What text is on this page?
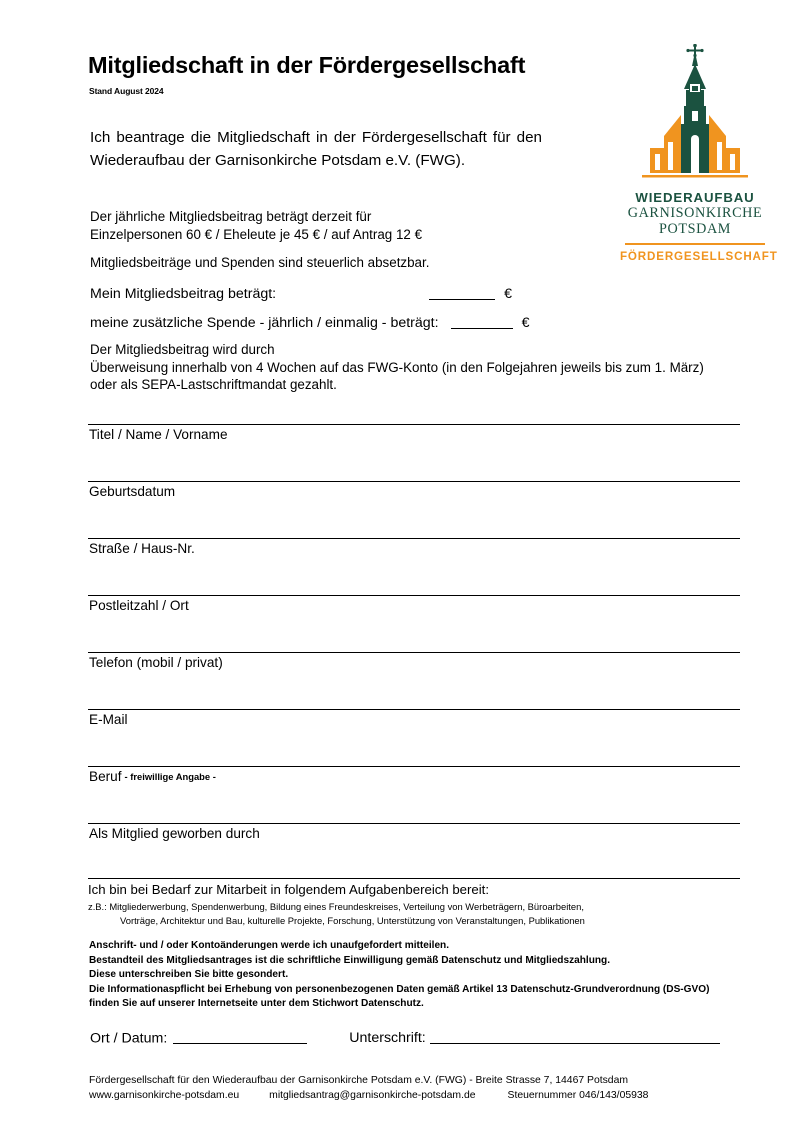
Mitgliedschaft in der Fördergesellschaft
Stand August 2024
WIEDERAUFBAU
GARNISONKIRCHE
POTSDAM
FÖRDERGESELLSCHAFT
Ich beantrage die Mitgliedschaft in der Fördergesellschaft für den Wiederaufbau der Garnisonkirche Potsdam e.V. (FWG).
Der jährliche Mitgliedsbeitrag beträgt derzeit für
Einzelpersonen 60 € / Eheleute je 45 € / auf Antrag 12 €
Mitgliedsbeiträge und Spenden sind steuerlich absetzbar.
Mein Mitgliedsbeitrag beträgt:	€
meine zusätzliche Spende - jährlich / einmalig - beträgt:	€
Der Mitgliedsbeitrag wird durch
Überweisung innerhalb von 4 Wochen auf das FWG-Konto (in den Folgejahren jeweils bis zum 1. März)
oder als SEPA-Lastschriftmandat gezahlt.
Titel / Name / Vorname
Geburtsdatum
Straße / Haus-Nr.
Postleitzahl / Ort
Telefon (mobil / privat)
E-Mail
Beruf - freiwillige Angabe -
Als Mitglied geworben durch
Ich bin bei Bedarf zur Mitarbeit in folgendem Aufgabenbereich bereit:
z.B.: Mitgliederwerbung, Spendenwerbung, Bildung eines Freundeskreises, Verteilung von Werbeträgern, Büroarbeiten,
Vorträge, Architektur und Bau, kulturelle Projekte, Forschung, Unterstützung von Veranstaltungen, Publikationen
Anschrift- und / oder Kontoänderungen werde ich unaufgefordert mitteilen.
Bestandteil des Mitgliedsantrages ist die schriftliche Einwilligung gemäß Datenschutz und Mitgliedszahlung.
Diese unterschreiben Sie bitte gesondert.
Die Informationaspflicht bei Erhebung von personenbezogenen Daten gemäß Artikel 13 Datenschutz-Grundverordnung (DS-GVO)
finden Sie auf unserer Internetseite unter dem Stichwort Datenschutz.
Ort / Datum:	Unterschrift:
Fördergesellschaft für den Wiederaufbau der Garnisonkirche Potsdam e.V. (FWG) - Breite Strasse 7, 14467 Potsdam
www.garnisonkirche-potsdam.eu	mitgliedsantrag@garnisonkirche-potsdam.de	Steuernummer 046/143/05938
